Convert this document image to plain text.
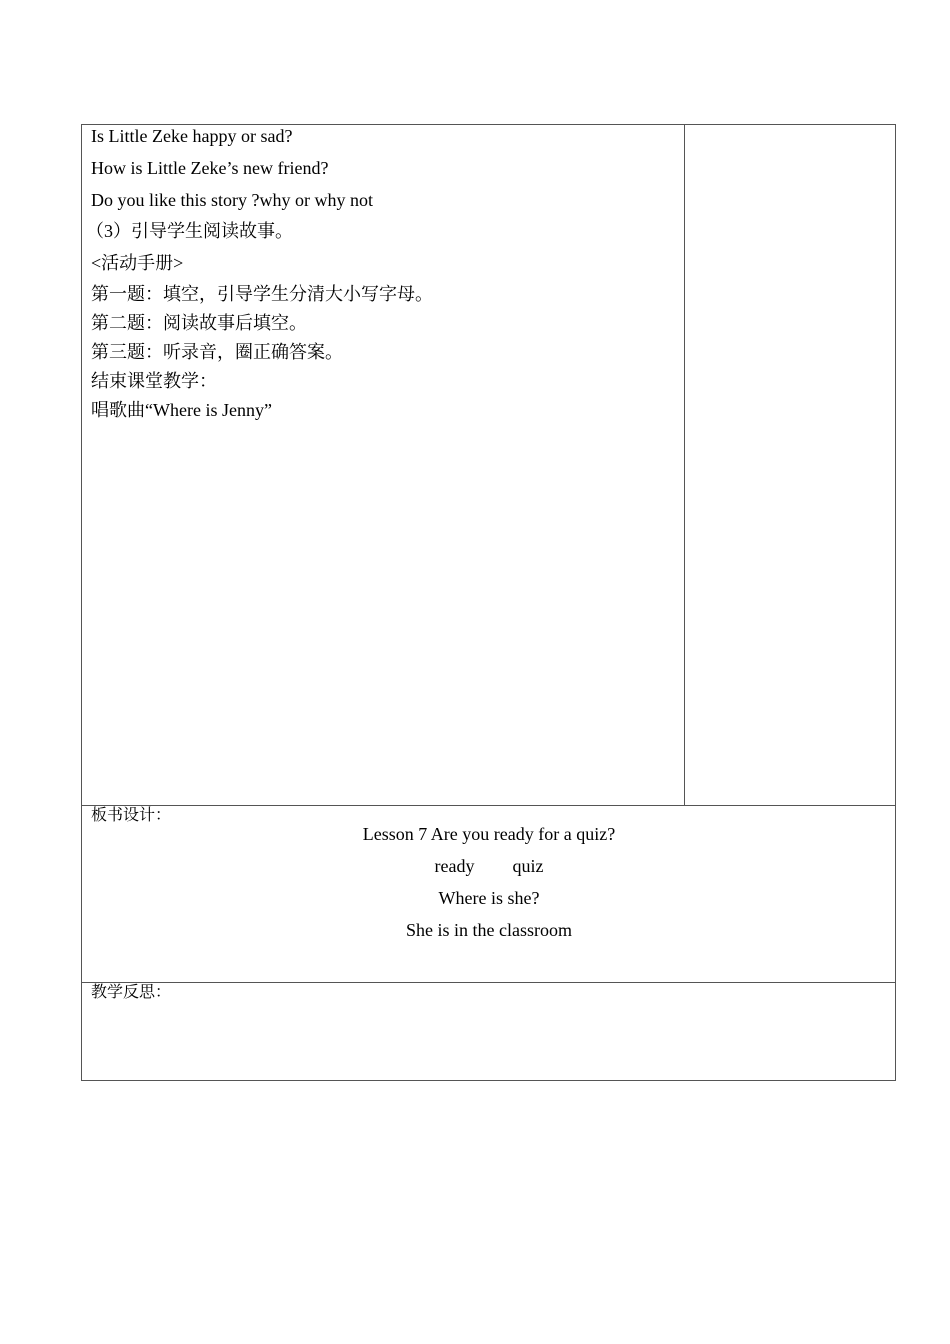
Is Little Zeke happy or sad?
How is Little Zeke’s new friend?
Do you like this story ?why or why not
（3）引导学生阅读故事。
<活动手册>
第一题：填空，引导学生分清大小写字母。
第二题：阅读故事后填空。
第三题：听录音，圈正确答案。
结束课堂教学：
唱歌曲“Where is Jenny”
板书设计：
Lesson 7 Are you ready for a quiz?
ready quiz
Where is she?
She is in the classroom
教学反思：
